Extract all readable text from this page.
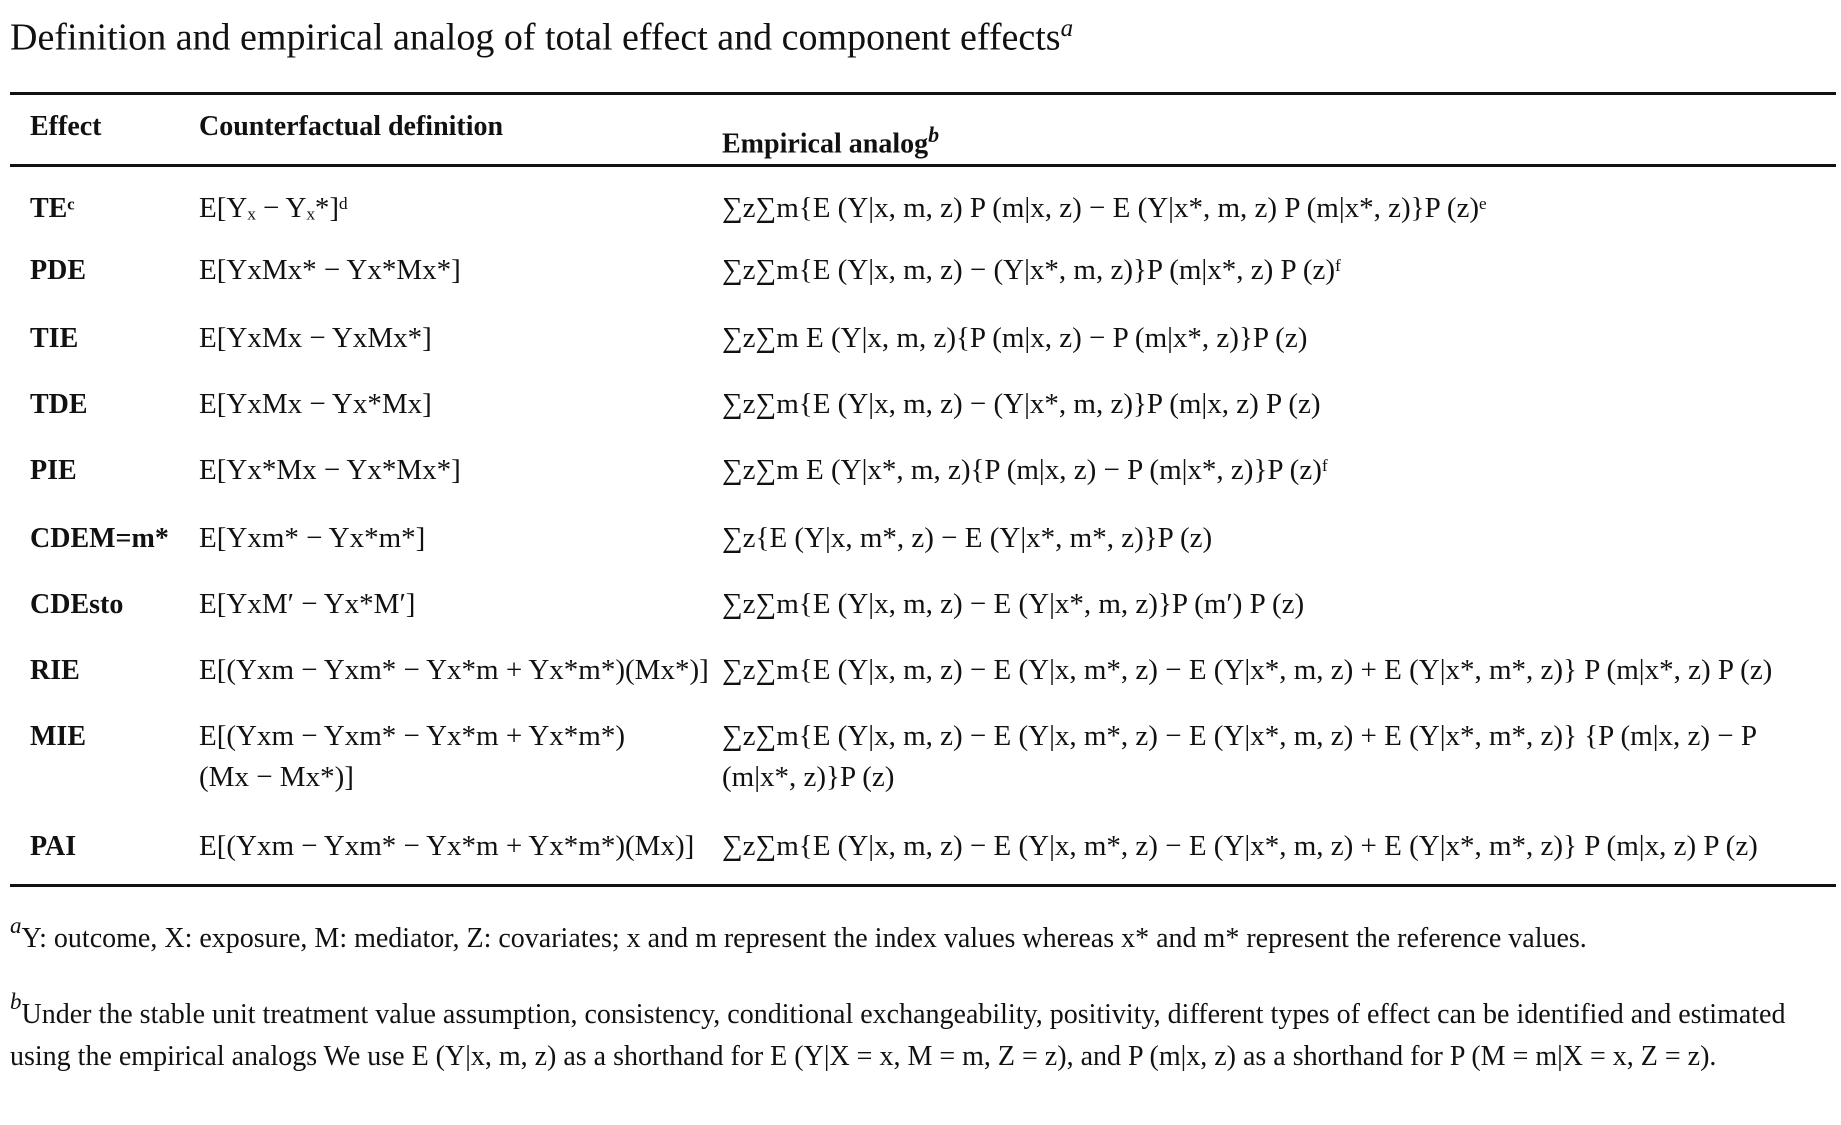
Definition and empirical analog of total effect and component effects$^a$
Effect	Counterfactual definition
Empirical analog$^b$
TEᶜ	E[Yₓ − Yₓ*]ᵈ	∑z∑m{E (Y|x, m, z) P (m|x, z) − E (Y|x*, m, z) P (m|x*, z)}P (z)ᵉ
PDE	E[YxMx* − Yx*Mx*]	∑z∑m{E (Y|x, m, z) − (Y|x*, m, z)}P (m|x*, z) P (z)ᶠ
TIE	E[YxMx − YxMx*]	∑z∑m E (Y|x, m, z){P (m|x, z) − P (m|x*, z)}P (z)
TDE	E[YxMx − Yx*Mx]	∑z∑m{E (Y|x, m, z) − (Y|x*, m, z)}P (m|x, z) P (z)
PIE	E[Yx*Mx − Yx*Mx*]	∑z∑m E (Y|x*, m, z){P (m|x, z) − P (m|x*, z)}P (z)ᶠ
CDEM=m* E[Yxm* − Yx*m*]	∑z{E (Y|x, m*, z) − E (Y|x*, m*, z)}P (z)
CDEsto	E[YxM′ − Yx*M′]	∑z∑m{E (Y|x, m, z) − E (Y|x*, m, z)}P (m′) P (z)
RIE	E[(Yxm − Yxm* − Yx*m + Yx*m*)(Mx*)] ∑z∑m{E (Y|x, m, z) − E (Y|x, m*, z) − E (Y|x*, m, z) + E (Y|x*, m*, z)} P (m|x*, z) P (z)
MIE	E[(Yxm − Yxm* − Yx*m + Yx*m*)(Mx − Mx*)]
∑z∑m{E (Y|x, m, z) − E (Y|x, m*, z) − E (Y|x*, m, z) + E (Y|x*, m*, z)} {P (m|x, z) − P (m|x*, z)}P (z)
PAI	E[(Yxm − Yxm* − Yx*m + Yx*m*)(Mx)] ∑z∑m{E (Y|x, m, z) − E (Y|x, m*, z) − E (Y|x*, m, z) + E (Y|x*, m*, z)} P (m|x, z) P (z)
$^a$Y: outcome, X: exposure, M: mediator, Z: covariates; x and m represent the index values whereas x* and m* represent the reference values.
$^b$Under the stable unit treatment value assumption, consistency, conditional exchangeability, positivity, different types of effect can be identified and estimated using the empirical analogs We use E (Y|x, m, z) as a shorthand for E (Y|X = x, M = m, Z = z), and P (m|x, z) as a shorthand for P (M = m|X = x, Z = z).
